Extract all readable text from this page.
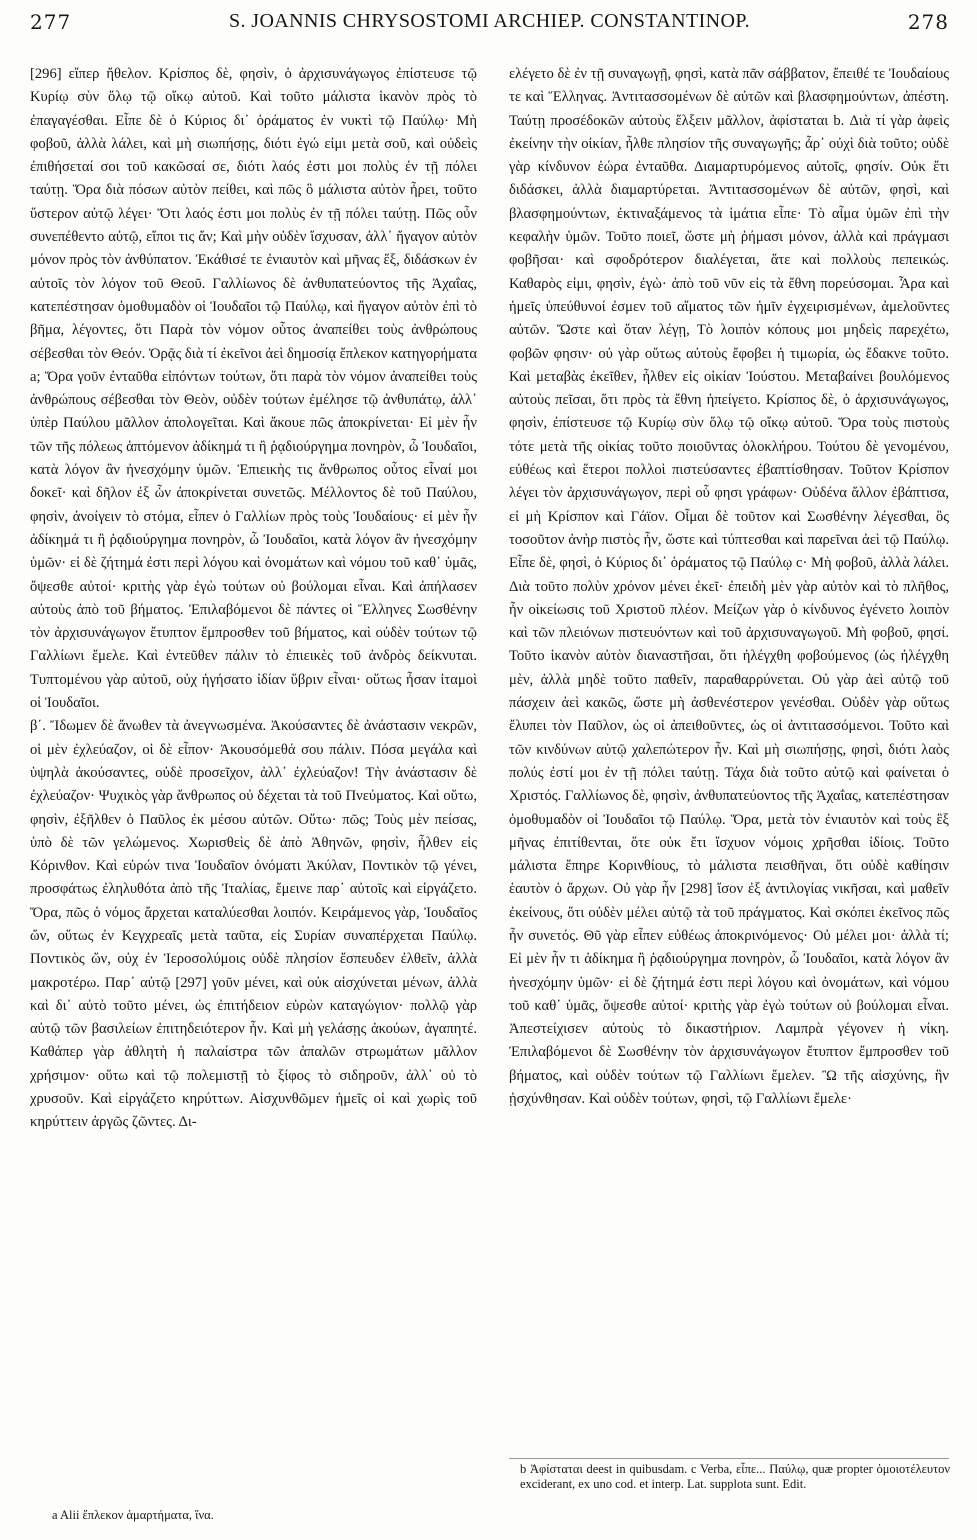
277	S. JOANNIS CHRYSOSTOMI ARCHIEP. CONSTANTINOP.	278

[296] εἴπερ ἤθελον. Κρίσπος δὲ, φησὶν, ὁ ἀρχισυνάγωγος ἐπίστευσε τῷ Κυρίῳ σὺν ὅλῳ τῷ οἴκῳ αὐτοῦ. Καὶ τοῦτο μάλιστα ἱκανὸν πρὸς τὸ ἐπαγαγέσθαι. Εἶπε δὲ ὁ Κύριος δι᾽ ὁράματος ἐν νυκτὶ τῷ Παύλῳ· Μὴ φοβοῦ, ἀλλὰ λάλει, καὶ μὴ σιωπήσῃς, διότι ἐγώ εἰμι μετὰ σοῦ, καὶ οὐδεὶς ἐπιθήσεταί σοι τοῦ κακῶσαί σε, διότι λαός ἐστι μοι πολὺς ἐν τῇ πόλει ταύτῃ. Ὅρα διὰ πόσων αὐτὸν πείθει, καὶ πῶς ὃ μάλιστα αὐτὸν ἦρει, τοῦτο ὕστερον αὐτῷ λέγει· Ὅτι λαός ἐστι μοι πολὺς ἐν τῇ πόλει ταύτῃ. Πῶς οὖν συνεπέθεντο αὐτῷ, εἴποι τις ἄν; Καὶ μὴν οὐδὲν ἴσχυσαν, ἀλλ᾽ ἤγαγον αὐτὸν μόνον πρὸς τὸν ἀνθύπατον. Ἐκάθισέ τε ἐνιαυτὸν καὶ μῆνας ἕξ, διδάσκων ἐν αὐτοῖς τὸν λόγον τοῦ Θεοῦ. Γαλλίωνος δὲ ἀνθυπατεύοντος τῆς Ἀχαΐας, κατεπέστησαν ὁμοθυμαδὸν οἱ Ἰουδαῖοι τῷ Παύλῳ, καὶ ἤγαγον αὐτὸν ἐπὶ τὸ βῆμα, λέγοντες, ὅτι Παρὰ τὸν νόμον οὗτος ἀναπείθει τοὺς ἀνθρώπους σέβεσθαι τὸν Θεόν. Ὁρᾷς διὰ τί ἐκεῖνοι ἀεὶ δημοσίᾳ ἔπλεκον κατηγορήματα a; Ὅρα γοῦν ἐνταῦθα εἰπόντων τούτων, ὅτι παρὰ τὸν νόμον ἀναπείθει τοὺς ἀνθρώπους σέβεσθαι τὸν Θεὸν, οὐδὲν τούτων ἐμέλησε τῷ ἀνθυπάτῳ, ἀλλ᾽ ὑπὲρ Παύλου μᾶλλον ἀπολογεῖται. Καὶ ἄκουε πῶς ἀποκρίνεται· Εἰ μὲν ἦν τῶν τῆς πόλεως ἁπτόμενον ἀδίκημά τι ἢ ῥᾳδιούργημα πονηρὸν, ὦ Ἰουδαῖοι, κατὰ λόγον ἂν ἠνεσχόμην ὑμῶν. Ἐπιεικὴς τις ἄνθρωπος οὗτος εἶναί μοι δοκεῖ· καὶ δῆλον ἐξ ὧν ἀποκρίνεται συνετῶς. Μέλλοντος δὲ τοῦ Παύλου, φησὶν, ἀνοίγειν τὸ στόμα, εἶπεν ὁ Γαλλίων πρὸς τοὺς Ἰουδαίους· εἰ μὲν ἦν ἀδίκημά τι ἢ ῥᾳδιούργημα πονηρὸν, ὦ Ἰουδαῖοι, κατὰ λόγον ἂν ἠνεσχόμην ὑμῶν· εἰ δὲ ζήτημά ἐστι περὶ λόγου καὶ ὀνομάτων καὶ νόμου τοῦ καθ᾽ ὑμᾶς, ὄψεσθε αὐτοί· κριτὴς γὰρ ἐγὼ τούτων οὐ βούλομαι εἶναι. Καὶ ἀπήλασεν αὐτοὺς ἀπὸ τοῦ βήματος. Ἐπιλαβόμενοι δὲ πάντες οἱ Ἕλληνες Σωσθένην τὸν ἀρχισυνάγωγον ἔτυπτον ἔμπροσθεν τοῦ βήματος, καὶ οὐδὲν τούτων τῷ Γαλλίωνι ἔμελε. Καὶ ἐντεῦθεν πάλιν τὸ ἐπιεικὲς τοῦ ἀνδρὸς δείκνυται. Τυπτομένου γὰρ αὐτοῦ, οὐχ ἡγήσατο ἰδίαν ὕβριν εἶναι· οὕτως ἦσαν ἰταμοὶ οἱ Ἰουδαῖοι.

β΄. Ἴδωμεν δὲ ἄνωθεν τὰ ἀνεγνωσμένα. Ἀκούσαντες δὲ ἀνάστασιν νεκρῶν, οἱ μὲν ἐχλεύαζον, οἱ δὲ εἶπον· Ἀκουσόμεθά σου πάλιν. Πόσα μεγάλα καὶ ὑψηλὰ ἀκούσαντες, οὐδὲ προσεῖχον, ἀλλ᾽ ἐχλεύαζον! Τὴν ἀνάστασιν δὲ ἐχλεύαζον· Ψυχικὸς γὰρ ἄνθρωπος οὐ δέχεται τὰ τοῦ Πνεύματος. Καὶ οὕτω, φησὶν, ἐξῆλθεν ὁ Παῦλος ἐκ μέσου αὐτῶν. Οὕτω· πῶς; Τοὺς μὲν πείσας, ὑπὸ δὲ τῶν γελώμενος. Χωρισθεὶς δὲ ἀπὸ Ἀθηνῶν, φησὶν, ἦλθεν εἰς Κόρινθον. Καὶ εὑρών τινα Ἰουδαῖον ὀνόματι Ἀκύλαν, Ποντικὸν τῷ γένει, προσφάτως ἐληλυθότα ἀπὸ τῆς Ἰταλίας, ἔμεινε παρ᾽ αὐτοῖς καὶ εἰργάζετο. Ὅρα, πῶς ὁ νόμος ἄρχεται καταλύεσθαι λοιπόν. Κειράμενος γὰρ, Ἰουδαῖος ὤν, οὕτως ἐν Κεγχρεαῖς μετὰ ταῦτα, εἰς Συρίαν συναπέρχεται Παύλῳ. Ποντικὸς ὤν, οὐχ ἐν Ἱεροσολύμοις οὐδὲ πλησίον ἔσπευδεν ἐλθεῖν, ἀλλὰ μακροτέρω. Παρ᾽ αὐτῷ [297] γοῦν μένει, καὶ οὐκ αἰσχύνεται μένων, ἀλλὰ καὶ δι᾽ αὐτὸ τοῦτο μένει, ὡς ἐπιτήδειον εὑρὼν καταγώγιον· πολλῷ γὰρ αὐτῷ τῶν βασιλείων ἐπιτηδειότερον ἦν. Καὶ μὴ γελάσῃς ἀκούων, ἀγαπητέ. Καθάπερ γὰρ ἀθλητὴ ἡ παλαίστρα τῶν ἁπαλῶν στρωμάτων μᾶλλον χρήσιμον· οὕτω καὶ τῷ πολεμιστῇ τὸ ξίφος τὸ σιδηροῦν, ἀλλ᾽ οὐ τὸ χρυσοῦν. Καὶ εἰργάζετο κηρύττων. Αἰσχυνθῶμεν ἡμεῖς οἱ καὶ χωρὶς τοῦ κηρύττειν ἀργῶς ζῶντες. Δι-

a Alii ἔπλεκον ἁμαρτήματα, ἵνα.

ελέγετο δὲ ἐν τῇ συναγωγῇ, φησὶ, κατὰ πᾶν σάββατον, ἔπειθέ τε Ἰουδαίους τε καὶ Ἕλληνας. Ἀντιτασσομένων δὲ αὐτῶν καὶ βλασφημούντων, ἀπέστη. Ταύτῃ προσέδοκῶν αὐτοὺς ἕλξειν μᾶλλον, ἀφίσταται b. Διὰ τί γὰρ ἀφεὶς ἐκείνην τὴν οἰκίαν, ἦλθε πλησίον τῆς συναγωγῆς; ἆρ᾽ οὐχὶ διὰ τοῦτο; οὐδὲ γὰρ κίνδυνον ἑώρα ἐνταῦθα. Διαμαρτυρόμενος αὐτοῖς, φησίν. Οὐκ ἔτι διδάσκει, ἀλλὰ διαμαρτύρεται. Ἀντιτασσομένων δὲ αὐτῶν, φησὶ, καὶ βλασφημούντων, ἐκτιναξάμενος τὰ ἱμάτια εἶπε· Τὸ αἷμα ὑμῶν ἐπὶ τὴν κεφαλὴν ὑμῶν. Τοῦτο ποιεῖ, ὥστε μὴ ῥήμασι μόνον, ἀλλὰ καὶ πράγμασι φοβῆσαι· καὶ σφοδρότερον διαλέγεται, ἅτε καὶ πολλοὺς πεπεικώς. Καθαρὸς εἰμι, φησὶν, ἐγὼ· ἀπὸ τοῦ νῦν εἰς τὰ ἔθνη πορεύσομαι. Ἆρα καὶ ἡμεῖς ὑπεύθυνοί ἐσμεν τοῦ αἵματος τῶν ἡμῖν ἐγχειρισμένων, ἀμελοῦντες αὐτῶν. Ὥστε καὶ ὅταν λέγῃ, Τὸ λοιπὸν κόπους μοι μηδεὶς παρεχέτω, φοβῶν φησιν· οὐ γὰρ οὕτως αὐτοὺς ἔφοβει ἡ τιμωρία, ὡς ἔδακνε τοῦτο. Καὶ μεταβὰς ἐκεῖθεν, ἦλθεν εἰς οἰκίαν Ἰούστου. Μεταβαίνει βουλόμενος αὐτοὺς πεῖσαι, ὅτι πρὸς τὰ ἔθνη ἡπείγετο. Κρίσπος δὲ, ὁ ἀρχισυνάγωγος, φησὶν, ἐπίστευσε τῷ Κυρίῳ σὺν ὅλῳ τῷ οἴκῳ αὐτοῦ. Ὅρα τοὺς πιστοὺς τότε μετὰ τῆς οἰκίας τοῦτο ποιοῦντας ὁλοκλήρου. Τούτου δὲ γενομένου, εὐθέως καὶ ἕτεροι πολλοὶ πιστεύσαντες ἐβαπτίσθησαν. Τοῦτον Κρίσπον λέγει τὸν ἀρχισυνάγωγον, περὶ οὗ φησι γράφων· Οὐδένα ἄλλον ἐβάπτισα, εἰ μὴ Κρίσπον καὶ Γάϊον. Οἶμαι δὲ τοῦτον καὶ Σωσθένην λέγεσθαι, ὃς τοσοῦτον ἀνὴρ πιστὸς ἦν, ὥστε καὶ τύπτεσθαι καὶ παρεῖναι ἀεὶ τῷ Παύλῳ. Εἶπε δὲ, φησὶ, ὁ Κύριος δι᾽ ὁράματος τῷ Παύλῳ c· Μὴ φοβοῦ, ἀλλὰ λάλει. Διὰ τοῦτο πολὺν χρόνον μένει ἐκεῖ· ἐπειδὴ μὲν γὰρ αὐτὸν καὶ τὸ πλῆθος, ἦν οἰκείωσις τοῦ Χριστοῦ πλέον. Μείζων γὰρ ὁ κίνδυνος ἐγένετο λοιπὸν καὶ τῶν πλειόνων πιστευόντων καὶ τοῦ ἀρχισυναγωγοῦ. Μὴ φοβοῦ, φησί. Τοῦτο ἱκανὸν αὐτὸν διαναστῆσαι, ὅτι ἠλέγχθη φοβούμενος (ὡς ἠλέγχθη μὲν, ἀλλὰ μηδὲ τοῦτο παθεῖν, παραθαρρύνεται. Οὐ γὰρ ἀεὶ αὐτῷ τοῦ πάσχειν ἀεὶ κακῶς, ὥστε μὴ ἀσθενέστερον γενέσθαι. Οὐδὲν γὰρ οὕτως ἔλυπει τὸν Παῦλον, ὡς οἱ ἀπειθοῦντες, ὡς οἱ ἀντιτασσόμενοι. Τοῦτο καὶ τῶν κινδύνων αὐτῷ χαλεπώτερον ἦν. Καὶ μὴ σιωπήσῃς, φησὶ, διότι λαὸς πολύς ἐστί μοι ἐν τῇ πόλει ταύτῃ. Τάχα διὰ τοῦτο αὐτῷ καὶ φαίνεται ὁ Χριστός. Γαλλίωνος δὲ, φησὶν, ἀνθυπατεύοντος τῆς Ἀχαΐας, κατεπέστησαν ὁμοθυμαδὸν οἱ Ἰουδαῖοι τῷ Παύλῳ. Ὅρα, μετὰ τὸν ἐνιαυτὸν καὶ τοὺς ἓξ μῆνας ἐπιτίθενται, ὅτε οὐκ ἔτι ἴσχυον νόμοις χρῆσθαι ἰδίοις. Τοῦτο μάλιστα ἔπηρε Κορινθίους, τὸ μάλιστα πεισθῆναι, ὅτι οὐδὲ καθίησιν ἑαυτὸν ὁ ἄρχων. Οὐ γὰρ ἦν [298] ἴσον ἐξ ἀντιλογίας νικῆσαι, καὶ μαθεῖν ἐκείνους, ὅτι οὐδὲν μέλει αὐτῷ τὰ τοῦ πράγματος. Καὶ σκόπει ἐκεῖνος πῶς ἦν συνετός. Θῦ γὰρ εἶπεν εὐθέως ἀποκρινόμενος· Οὐ μέλει μοι· ἀλλὰ τί; Εἰ μὲν ἦν τι ἀδίκημα ἢ ῥᾳδιούργημα πονηρὸν, ὦ Ἰουδαῖοι, κατὰ λόγον ἂν ἠνεσχόμην ὑμῶν· εἰ δὲ ζήτημά ἐστι περὶ λόγου καὶ ὀνομάτων, καὶ νόμου τοῦ καθ᾽ ὑμᾶς, ὄψεσθε αὐτοί· κριτὴς γὰρ ἐγὼ τούτων οὐ βούλομαι εἶναι. Ἀπεστείχισεν αὐτοὺς τὸ δικαστήριον. Λαμπρὰ γέγονεν ἡ νίκη. Ἐπιλαβόμενοι δὲ Σωσθένην τὸν ἀρχισυνάγωγον ἔτυπτον ἔμπροσθεν τοῦ βήματος, καὶ οὐδὲν τούτων τῷ Γαλλίωνι ἔμελεν. Ὢ τῆς αἰσχύνης, ἣν ᾐσχύνθησαν. Καὶ οὐδὲν τούτων, φησὶ, τῷ Γαλλίωνι ἔμελε·

b Ἀφίσταται deest in quibusdam. c Verba, εἶπε... Παύλῳ, quæ propter ὁμοιοτέλευτον exciderant, ex uno cod. et interp. Lat. supplota sunt. Edit.
